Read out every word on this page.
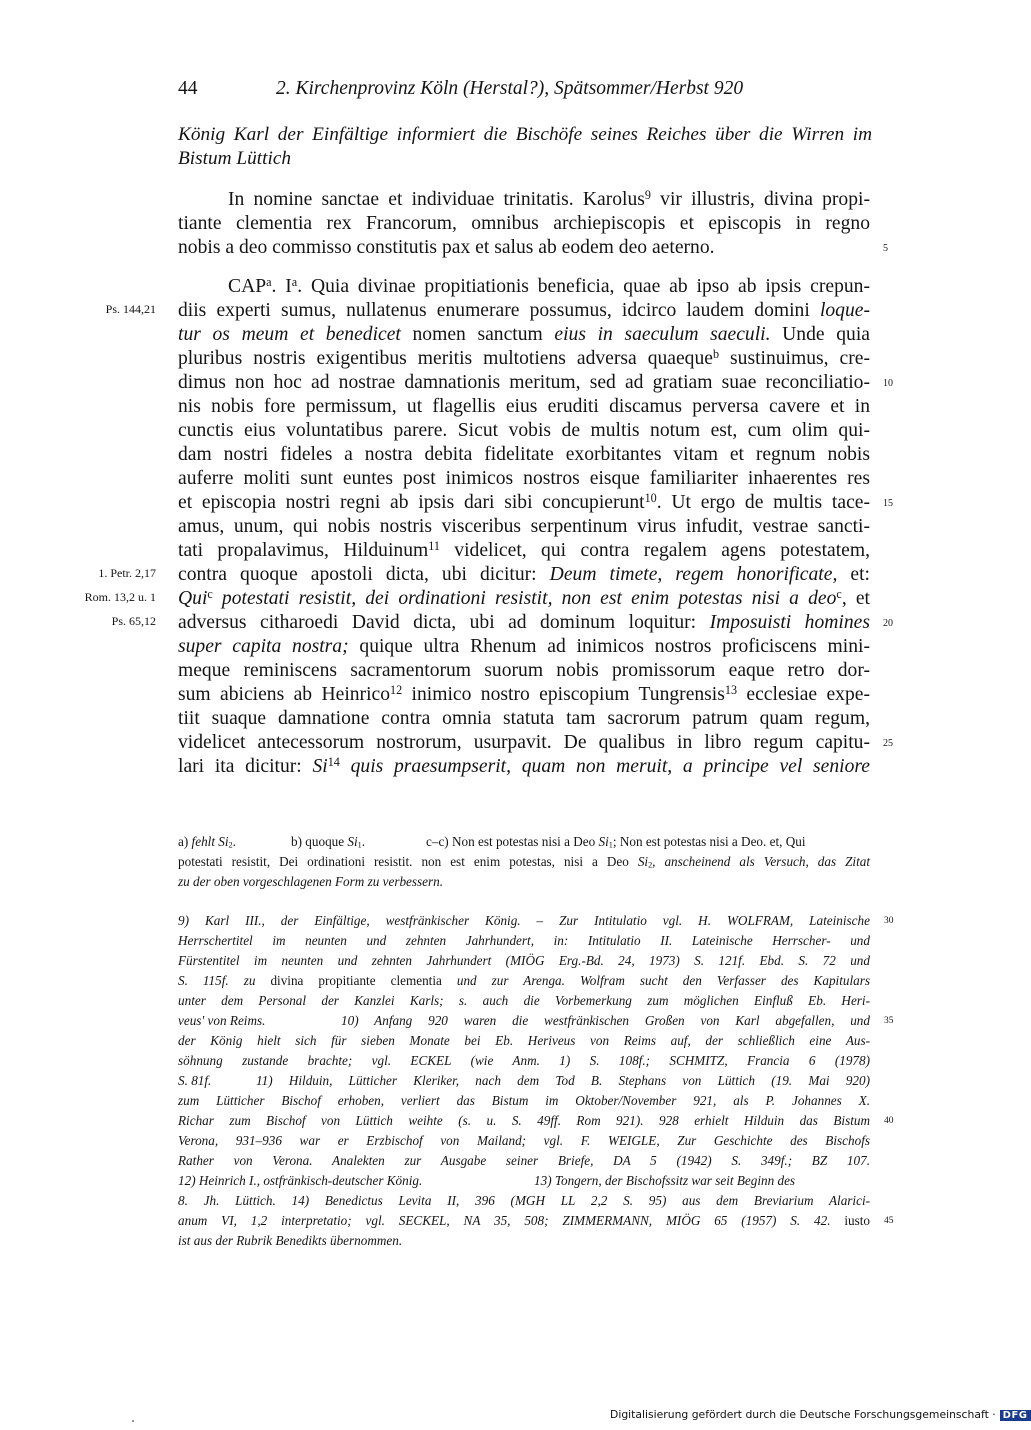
44	2. Kirchenprovinz Köln (Herstal?), Spätsommer/Herbst 920
König Karl der Einfältige informiert die Bischöfe seines Reiches über die Wirren im
Bistum Lüttich
In nomine sanctae et individuae trinitatis. Karolus$^9$ vir illustris, divina propi-
tiante clementia rex Francorum, omnibus archiepiscopis et episcopis in regno
nobis a deo commisso constitutis pax et salus ab eodem deo aeterno.	5
CAP$^a$. $I^a$. Quia divinae propitiationis beneficia, quae ab ipso ab ipsis crepun-
Ps. 144,21 diis experti sumus, nullatenus enumerare possumus, idcirco laudem domini loque-
tur os meum et benedicet nomen sanctum eius in saeculum saeculi. Unde quia
pluribus nostris exigentibus meritis multotiens adversa quaeque$^b$ sustinuimus, cre-
dimus non hoc ad nostrae damnationis meritum, sed ad gratiam suae reconciliatio- 10
nis nobis fore permissum, ut flagellis eius eruditi discamus perversa cavere et in
cunctis eius voluntatibus parere. Sicut vobis de multis notum est, cum olim qui-
dam nostri fideles a nostra debita fidelitate exorbitantes vitam et regnum nobis
auferre moliti sunt euntes post inimicos nostros eisque familiariter inhaerentes res
et episcopia nostri regni ab ipsis dari sibi concupierunt$^{10}$. Ut ergo de multis tace- 15
amus, unum, qui nobis nostris visceribus serpentinum virus infudit, vestrae sancti-
tati propalavimus, Hilduinum$^{11}$ videlicet, qui contra regalem agens potestatem,
1. Petr. 2,17 contra quoque apostoli dicta, ubi dicitur: Deum timete, regem honorificate, et:
Rom. 13,2 u. 1 Qui$^c$ potestati resistit, dei ordinationi resistit, non est enim potestas nisi a deo$^c$, et
Ps. 65,12 adversus citharoedi David dicta, ubi ad dominum loquitur: Imposuisti homines 20
super capita nostra; quique ultra Rhenum ad inimicos nostros proficiscens mini-
meque reminiscens sacramentorum suorum nobis promissorum eaque retro dor-
sum abiciens ab Heinrico$^{12}$ inimico nostro episcopium Tungrensis$^{13}$ ecclesiae expe-
tiit suaque damnatione contra omnia statuta tam sacrorum patrum quam regum,
videlicet antecessorum nostrorum, usurpavit. De qualibus in libro regum capitu- 25
lari ita dicitur: Si$^{14}$ quis praesumpserit, quam non meruit, a principe vel seniore
a) fehlt $Si_2$.	b) quoque $Si_1$.	c–c) Non est potestas nisi a Deo $Si_1$; Non est potestas nisi a Deo. et, Qui
potestati resistit, Dei ordinationi resistit. non est enim potestas, nisi a Deo $Si_2$, anscheinend als Versuch, das Zitat
zu der oben vorgeschlagenen Form zu verbessern.
9) Karl III., der Einfältige, westfränkischer König. – Zur Intitulatio vgl. H. WOLFRAM, Lateinische 30
Herrschertitel im neunten und zehnten Jahrhundert, in: Intitulatio II. Lateinische Herrscher- und
Fürstentitel im neunten und zehnten Jahrhundert (MIÖG Erg.-Bd. 24, 1973) S. 121f. Ebd. S. 72 und
S. 115f. zu divina propitiante clementia und zur Arenga. Wolfram sucht den Verfasser des Kapitulars
unter dem Personal der Kanzlei Karls; s. auch die Vorbemerkung zum möglichen Einfluß Eb. Heri-
veus' von Reims.	10) Anfang 920 waren die westfränkischen Großen von Karl abgefallen, und 35
der König hielt sich für sieben Monate bei Eb. Heriveus von Reims auf, der schließlich eine Aus-
söhnung zustande brachte; vgl. ECKEL (wie Anm. 1) S. 108f.; SCHMITZ, Francia 6 (1978)
S. 81f.	11) Hilduin, Lütticher Kleriker, nach dem Tod B. Stephans von Lüttich (19. Mai 920)
zum Lütticher Bischof erhoben, verliert das Bistum im Oktober/November 921, als P. Johannes X.
Richar zum Bischof von Lüttich weihte (s. u. S. 49ff. Rom 921). 928 erhielt Hilduin das Bistum 40
Verona, 931–936 war er Erzbischof von Mailand; vgl. F. WEIGLE, Zur Geschichte des Bischofs
Rather von Verona. Analekten zur Ausgabe seiner Briefe, DA 5 (1942) S. 349f.; BZ 107.
12) Heinrich I., ostfränkisch-deutscher König.	13) Tongern, der Bischofssitz war seit Beginn des
8. Jh. Lüttich. 14) Benedictus Levita II, 396 (MGH LL 2,2 S. 95) aus dem Breviarium Alarici-
anum VI, 1,2 interpretatio; vgl. SECKEL, NA 35, 508; ZIMMERMANN, MIÖG 65 (1957) S. 42. iusto 45
ist aus der Rubrik Benedikts übernommen.
Digitalisierung gefördert durch die Deutsche Forschungsgemeinschaft · DFG
